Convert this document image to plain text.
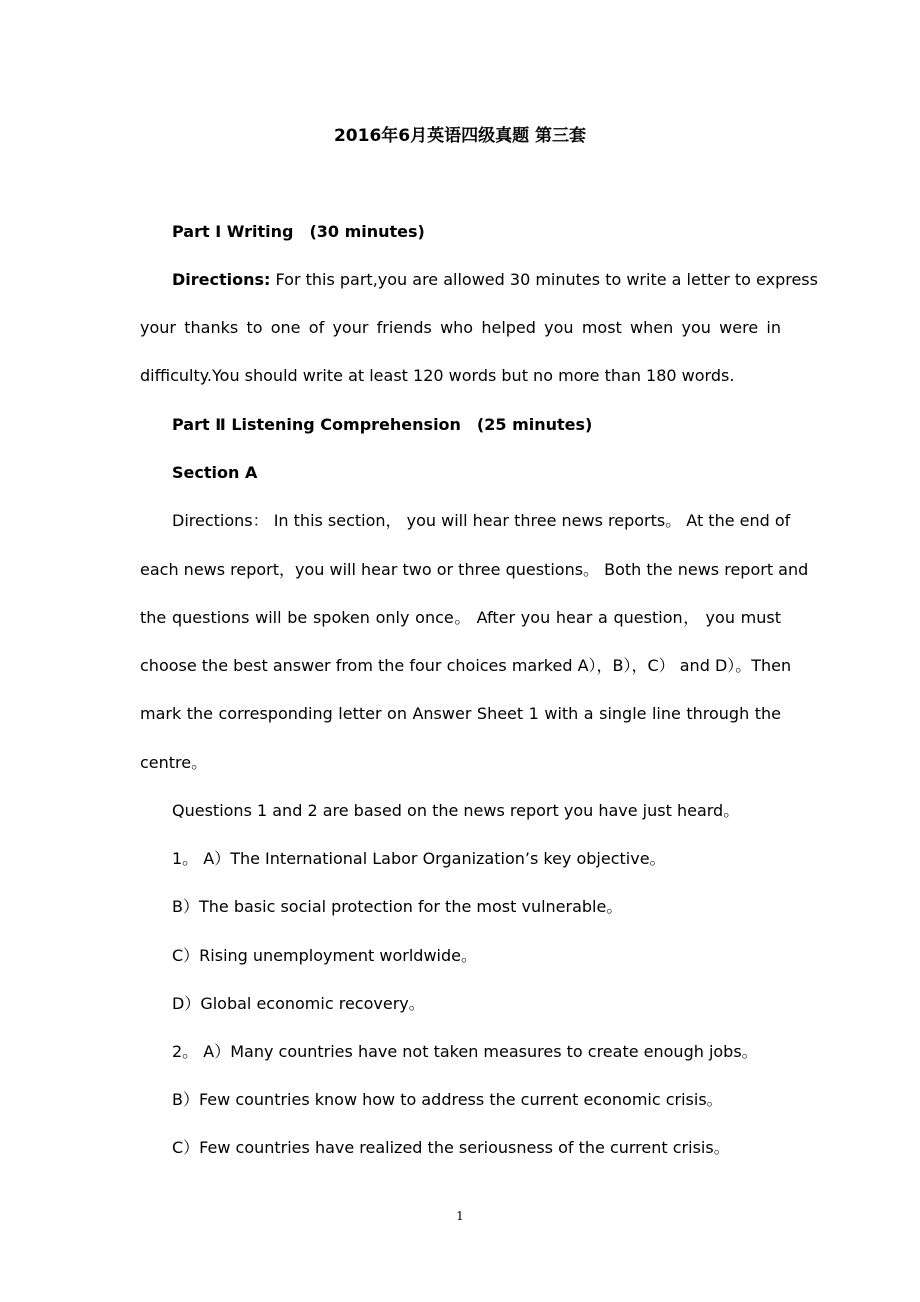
2016年6月英语四级真题 第三套
Part I Writing　(30 minutes)
Directions: For this part,you are allowed 30 minutes to write a letter to express
your thanks to one of your friends who helped you most when you were in
difficulty.You should write at least 120 words but no more than 180 words.
Part Ⅱ Listening Comprehension　(25 minutes)
Section A
Directions： In this section， you will hear three news reports。 At the end of
each news report，you will hear two or three questions。 Both the news report and
the questions will be spoken only once。 After you hear a question， you must
choose the best answer from the four choices marked A），B），C） and D）。Then
mark the corresponding letter on Answer Sheet 1 with a single line through the
centre。
Questions 1 and 2 are based on the news report you have just heard。
1。 A）The International Labor Organization’s key objective。
B）The basic social protection for the most vulnerable。
C）Rising unemployment worldwide。
D）Global economic recovery。
2。 A）Many countries have not taken measures to create enough jobs。
B）Few countries know how to address the current economic crisis。
C）Few countries have realized the seriousness of the current crisis。
1
